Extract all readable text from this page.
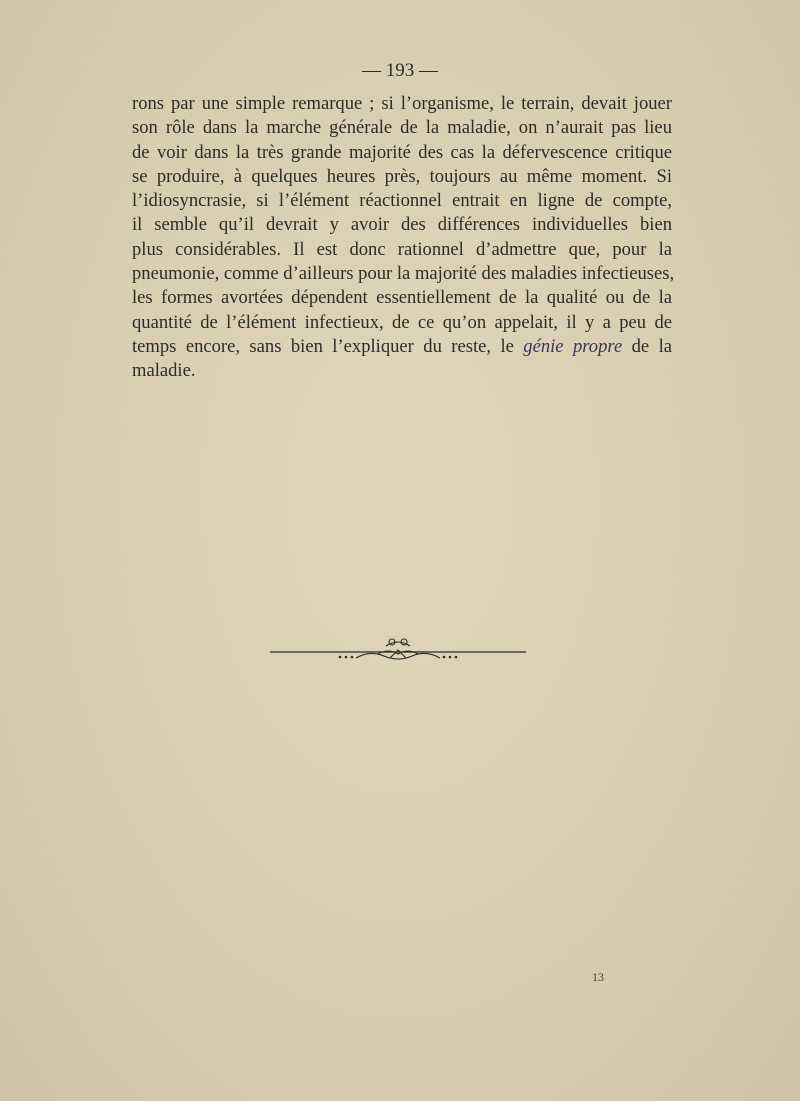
— 193 —
rons par une simple remarque ; si l’organisme, le terrain, devait jouer
son rôle dans la marche générale de la maladie, on n’aurait pas lieu
de voir dans la très grande majorité des cas la défervescence critique
se produire, à quelques heures près, toujours au même moment. Si
l’idiosyncrasie, si l’élément réactionnel entrait en ligne de compte,
il semble qu’il devrait y avoir des différences individuelles bien
plus considérables. Il est donc rationnel d’admettre que, pour la
pneumonie, comme d’ailleurs pour la majorité des maladies infectieuses,
les formes avortées dépendent essentiellement de la qualité ou de la
quantité de l’élément infectieux, de ce qu’on appelait, il y a peu de
temps encore, sans bien l’expliquer du reste, le génie propre de la
maladie.
13
